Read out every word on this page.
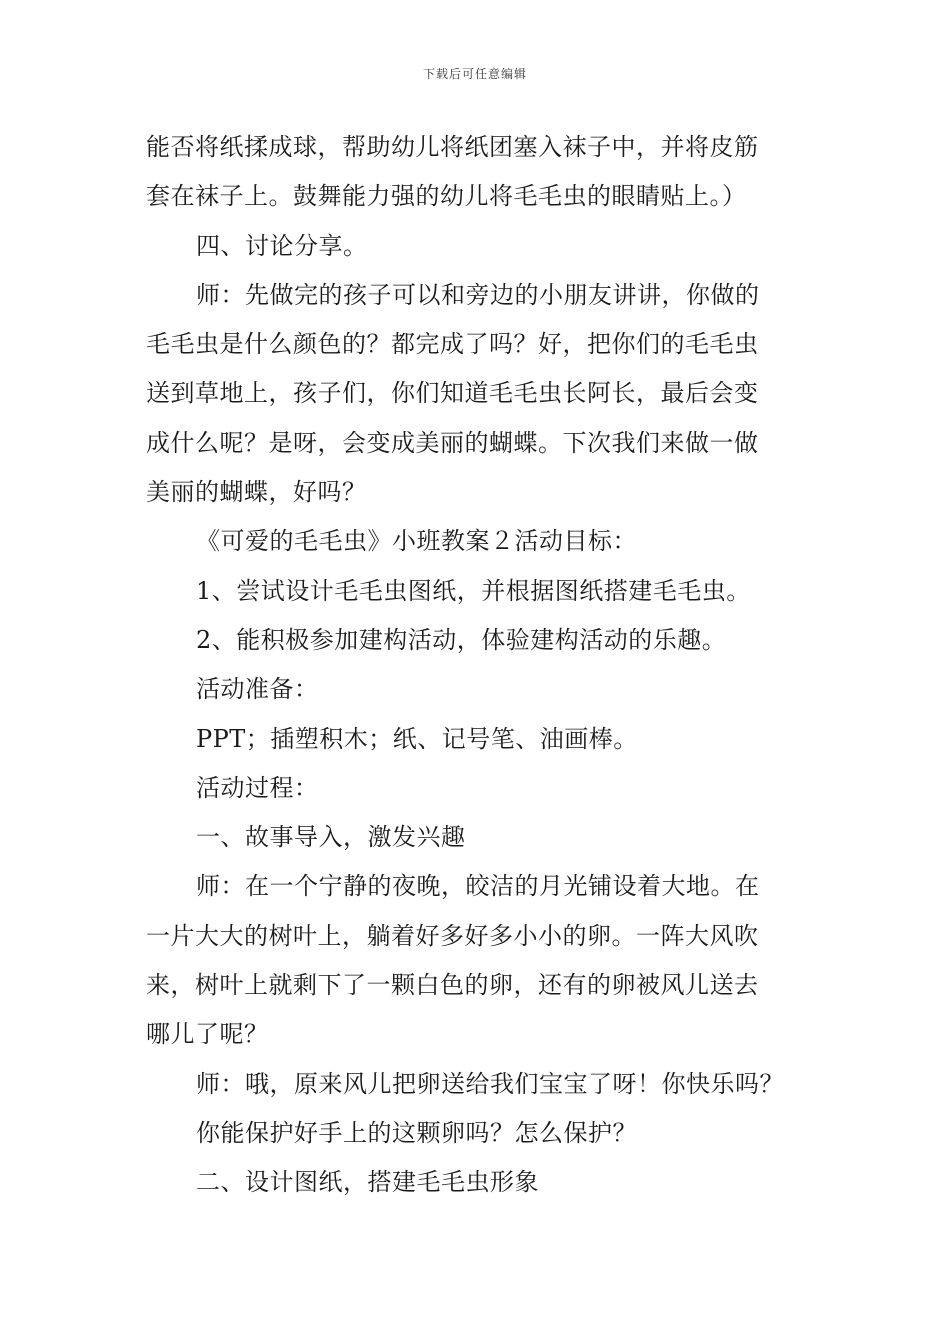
下载后可任意编辑
能否将纸揉成球，帮助幼儿将纸团塞入袜子中，并将皮筋
套在袜子上。鼓舞能力强的幼儿将毛毛虫的眼睛贴上。）
四、讨论分享。
师：先做完的孩子可以和旁边的小朋友讲讲，你做的
毛毛虫是什么颜色的？都完成了吗？好，把你们的毛毛虫
送到草地上，孩子们，你们知道毛毛虫长阿长，最后会变
成什么呢？是呀，会变成美丽的蝴蝶。下次我们来做一做
美丽的蝴蝶，好吗？
《可爱的毛毛虫》小班教案２活动目标：
1、尝试设计毛毛虫图纸，并根据图纸搭建毛毛虫。
2、能积极参加建构活动，体验建构活动的乐趣。
活动准备：
PPT；插塑积木；纸、记号笔、油画棒。
活动过程：
一、故事导入，激发兴趣
师：在一个宁静的夜晚，皎洁的月光铺设着大地。在
一片大大的树叶上，躺着好多好多小小的卵。一阵大风吹
来，树叶上就剩下了一颗白色的卵，还有的卵被风儿送去
哪儿了呢？
师：哦，原来风儿把卵送给我们宝宝了呀！你快乐吗？
你能保护好手上的这颗卵吗？怎么保护？
二、设计图纸，搭建毛毛虫形象
